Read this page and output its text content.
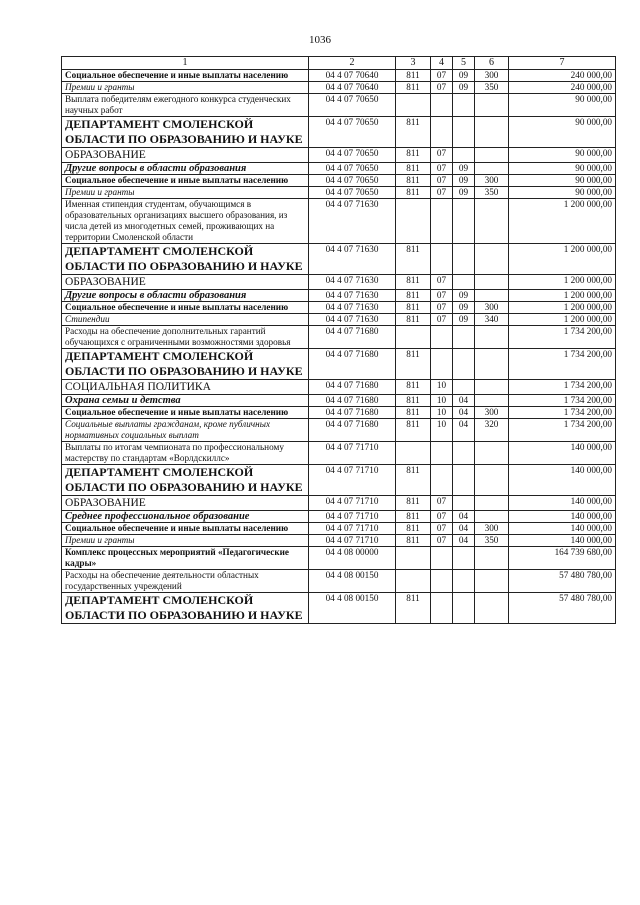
1036
1	2	3	4	5	6	7
Социальное обеспечение и иные выплаты населению	04 4 07 70640	811	07	09	300	240 000,00
Премии и гранты	04 4 07 70640	811	07	09	350	240 000,00
Выплата победителям ежегодного конкурса студенческих научных работ	04 4 07 70650					90 000,00
ДЕПАРТАМЕНТ СМОЛЕНСКОЙ ОБЛАСТИ ПО ОБРАЗОВАНИЮ И НАУКЕ	04 4 07 70650	811				90 000,00
ОБРАЗОВАНИЕ	04 4 07 70650	811	07			90 000,00
Другие вопросы в области образования	04 4 07 70650	811	07	09		90 000,00
Социальное обеспечение и иные выплаты населению	04 4 07 70650	811	07	09	300	90 000,00
Премии и гранты	04 4 07 70650	811	07	09	350	90 000,00
Именная стипендия студентам, обучающимся в образовательных организациях высшего образования, из числа детей из многодетных семей, проживающих на территории Смоленской области	04 4 07 71630					1 200 000,00
ДЕПАРТАМЕНТ СМОЛЕНСКОЙ ОБЛАСТИ ПО ОБРАЗОВАНИЮ И НАУКЕ	04 4 07 71630	811				1 200 000,00
ОБРАЗОВАНИЕ	04 4 07 71630	811	07			1 200 000,00
Другие вопросы в области образования	04 4 07 71630	811	07	09		1 200 000,00
Социальное обеспечение и иные выплаты населению	04 4 07 71630	811	07	09	300	1 200 000,00
Стипендии	04 4 07 71630	811	07	09	340	1 200 000,00
Расходы на обеспечение дополнительных гарантий обучающихся с ограниченными возможностями здоровья	04 4 07 71680					1 734 200,00
ДЕПАРТАМЕНТ СМОЛЕНСКОЙ ОБЛАСТИ ПО ОБРАЗОВАНИЮ И НАУКЕ	04 4 07 71680	811				1 734 200,00
СОЦИАЛЬНАЯ ПОЛИТИКА	04 4 07 71680	811	10			1 734 200,00
Охрана семьи и детства	04 4 07 71680	811	10	04		1 734 200,00
Социальное обеспечение и иные выплаты населению	04 4 07 71680	811	10	04	300	1 734 200,00
Социальные выплаты гражданам, кроме публичных нормативных социальных выплат	04 4 07 71680	811	10	04	320	1 734 200,00
Выплаты по итогам чемпионата по профессиональному мастерству по стандартам «Ворлдскиллс»	04 4 07 71710					140 000,00
ДЕПАРТАМЕНТ СМОЛЕНСКОЙ ОБЛАСТИ ПО ОБРАЗОВАНИЮ И НАУКЕ	04 4 07 71710	811				140 000,00
ОБРАЗОВАНИЕ	04 4 07 71710	811	07			140 000,00
Среднее профессиональное образование	04 4 07 71710	811	07	04		140 000,00
Социальное обеспечение и иные выплаты населению	04 4 07 71710	811	07	04	300	140 000,00
Премии и гранты	04 4 07 71710	811	07	04	350	140 000,00
Комплекс процессных мероприятий «Педагогические кадры»	04 4 08 00000					164 739 680,00
Расходы на обеспечение деятельности областных государственных учреждений	04 4 08 00150					57 480 780,00
ДЕПАРТАМЕНТ СМОЛЕНСКОЙ ОБЛАСТИ ПО ОБРАЗОВАНИЮ И НАУКЕ	04 4 08 00150	811				57 480 780,00
